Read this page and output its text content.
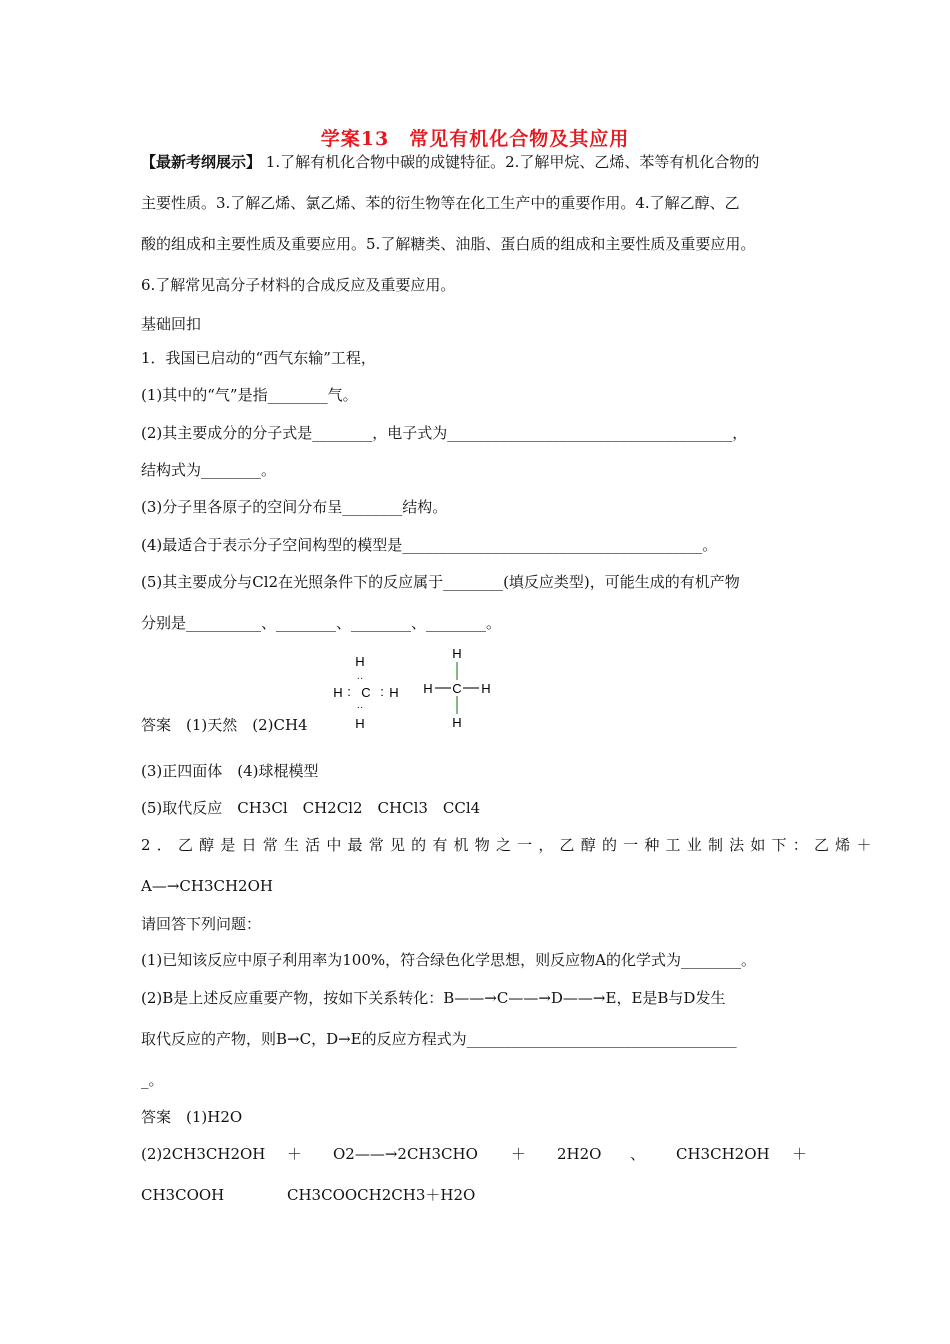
学案13　常见有机化合物及其应用
【最新考纲展示】 1.了解有机化合物中碳的成键特征。2.了解甲烷、乙烯、苯等有机化合物的
主要性质。3.了解乙烯、氯乙烯、苯的衍生物等在化工生产中的重要作用。4.了解乙醇、乙
酸的组成和主要性质及重要应用。5.了解糖类、油脂、蛋白质的组成和主要性质及重要应用。
6.了解常见高分子材料的合成反应及重要应用。
基础回扣
1．我国已启动的“西气东输”工程，
(1)其中的“气”是指________气。
(2)其主要成分的分子式是________，电子式为______________________________________，
结构式为________。
(3)分子里各原子的空间分布呈________结构。
(4)最适合于表示分子空间构型的模型是________________________________________。
(5)其主要成分与Cl2在光照条件下的反应属于________(填反应类型)，可能生成的有机产物
分别是__________、________、________、________。
H
··
H : C : H
··
H
H
H C H
H
答案　(1)天然　(2)CH4
(3)正四面体　(4)球棍模型
(5)取代反应　CH3Cl　CH2Cl2　CHCl3　CCl4
2．乙醇是日常生活中最常见的有机物之一，乙醇的一种工业制法如下：乙烯＋
A—→CH3CH2OH
请回答下列问题：
(1)已知该反应中原子利用率为100%，符合绿色化学思想，则反应物A的化学式为________。
(2)B是上述反应重要产物，按如下关系转化：B——→C——→D——→E，E是B与D发生
取代反应的产物，则B→C，D→E的反应方程式为____________________________________
_。
答案　(1)H2O
(2)2CH3CH2OH ＋ O2——→2CH3CHO ＋ 2H2O 、 CH3CH2OH ＋
CH3COOH	CH3COOCH2CH3＋H2O
